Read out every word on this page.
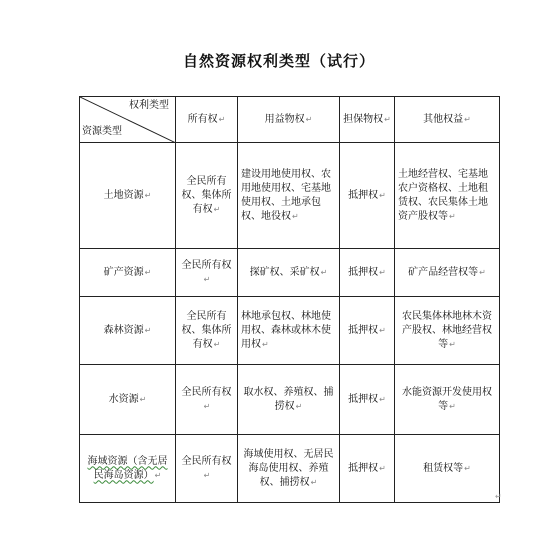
自然资源权利类型（试行）
权利类型
资源类型	所有权↵	用益物权↵	担保物权↵	其他权益↵
土地资源↵	全民所有权、集体所有权↵	建设用地使用权、农用地使用权、宅基地使用权、土地承包权、地役权↵	抵押权↵	土地经营权、宅基地农户资格权、土地租赁权、农民集体土地资产股权等↵
矿产资源↵	全民所有权↵	探矿权、采矿权↵	抵押权↵	矿产品经营权等↵
森林资源↵	全民所有权、集体所有权↵	林地承包权、林地使用权、森林或林木使用权↵	抵押权↵	农民集体林地林木资产股权、林地经营权等↵
水资源↵	全民所有权↵	取水权、养殖权、捕捞权↵	抵押权↵	水能资源开发使用权等↵
海域资源（含无居民海岛资源）↵	全民所有权↵	海域使用权、无居民海岛使用权、养殖权、捕捞权↵	抵押权↵	租赁权等↵
↵
